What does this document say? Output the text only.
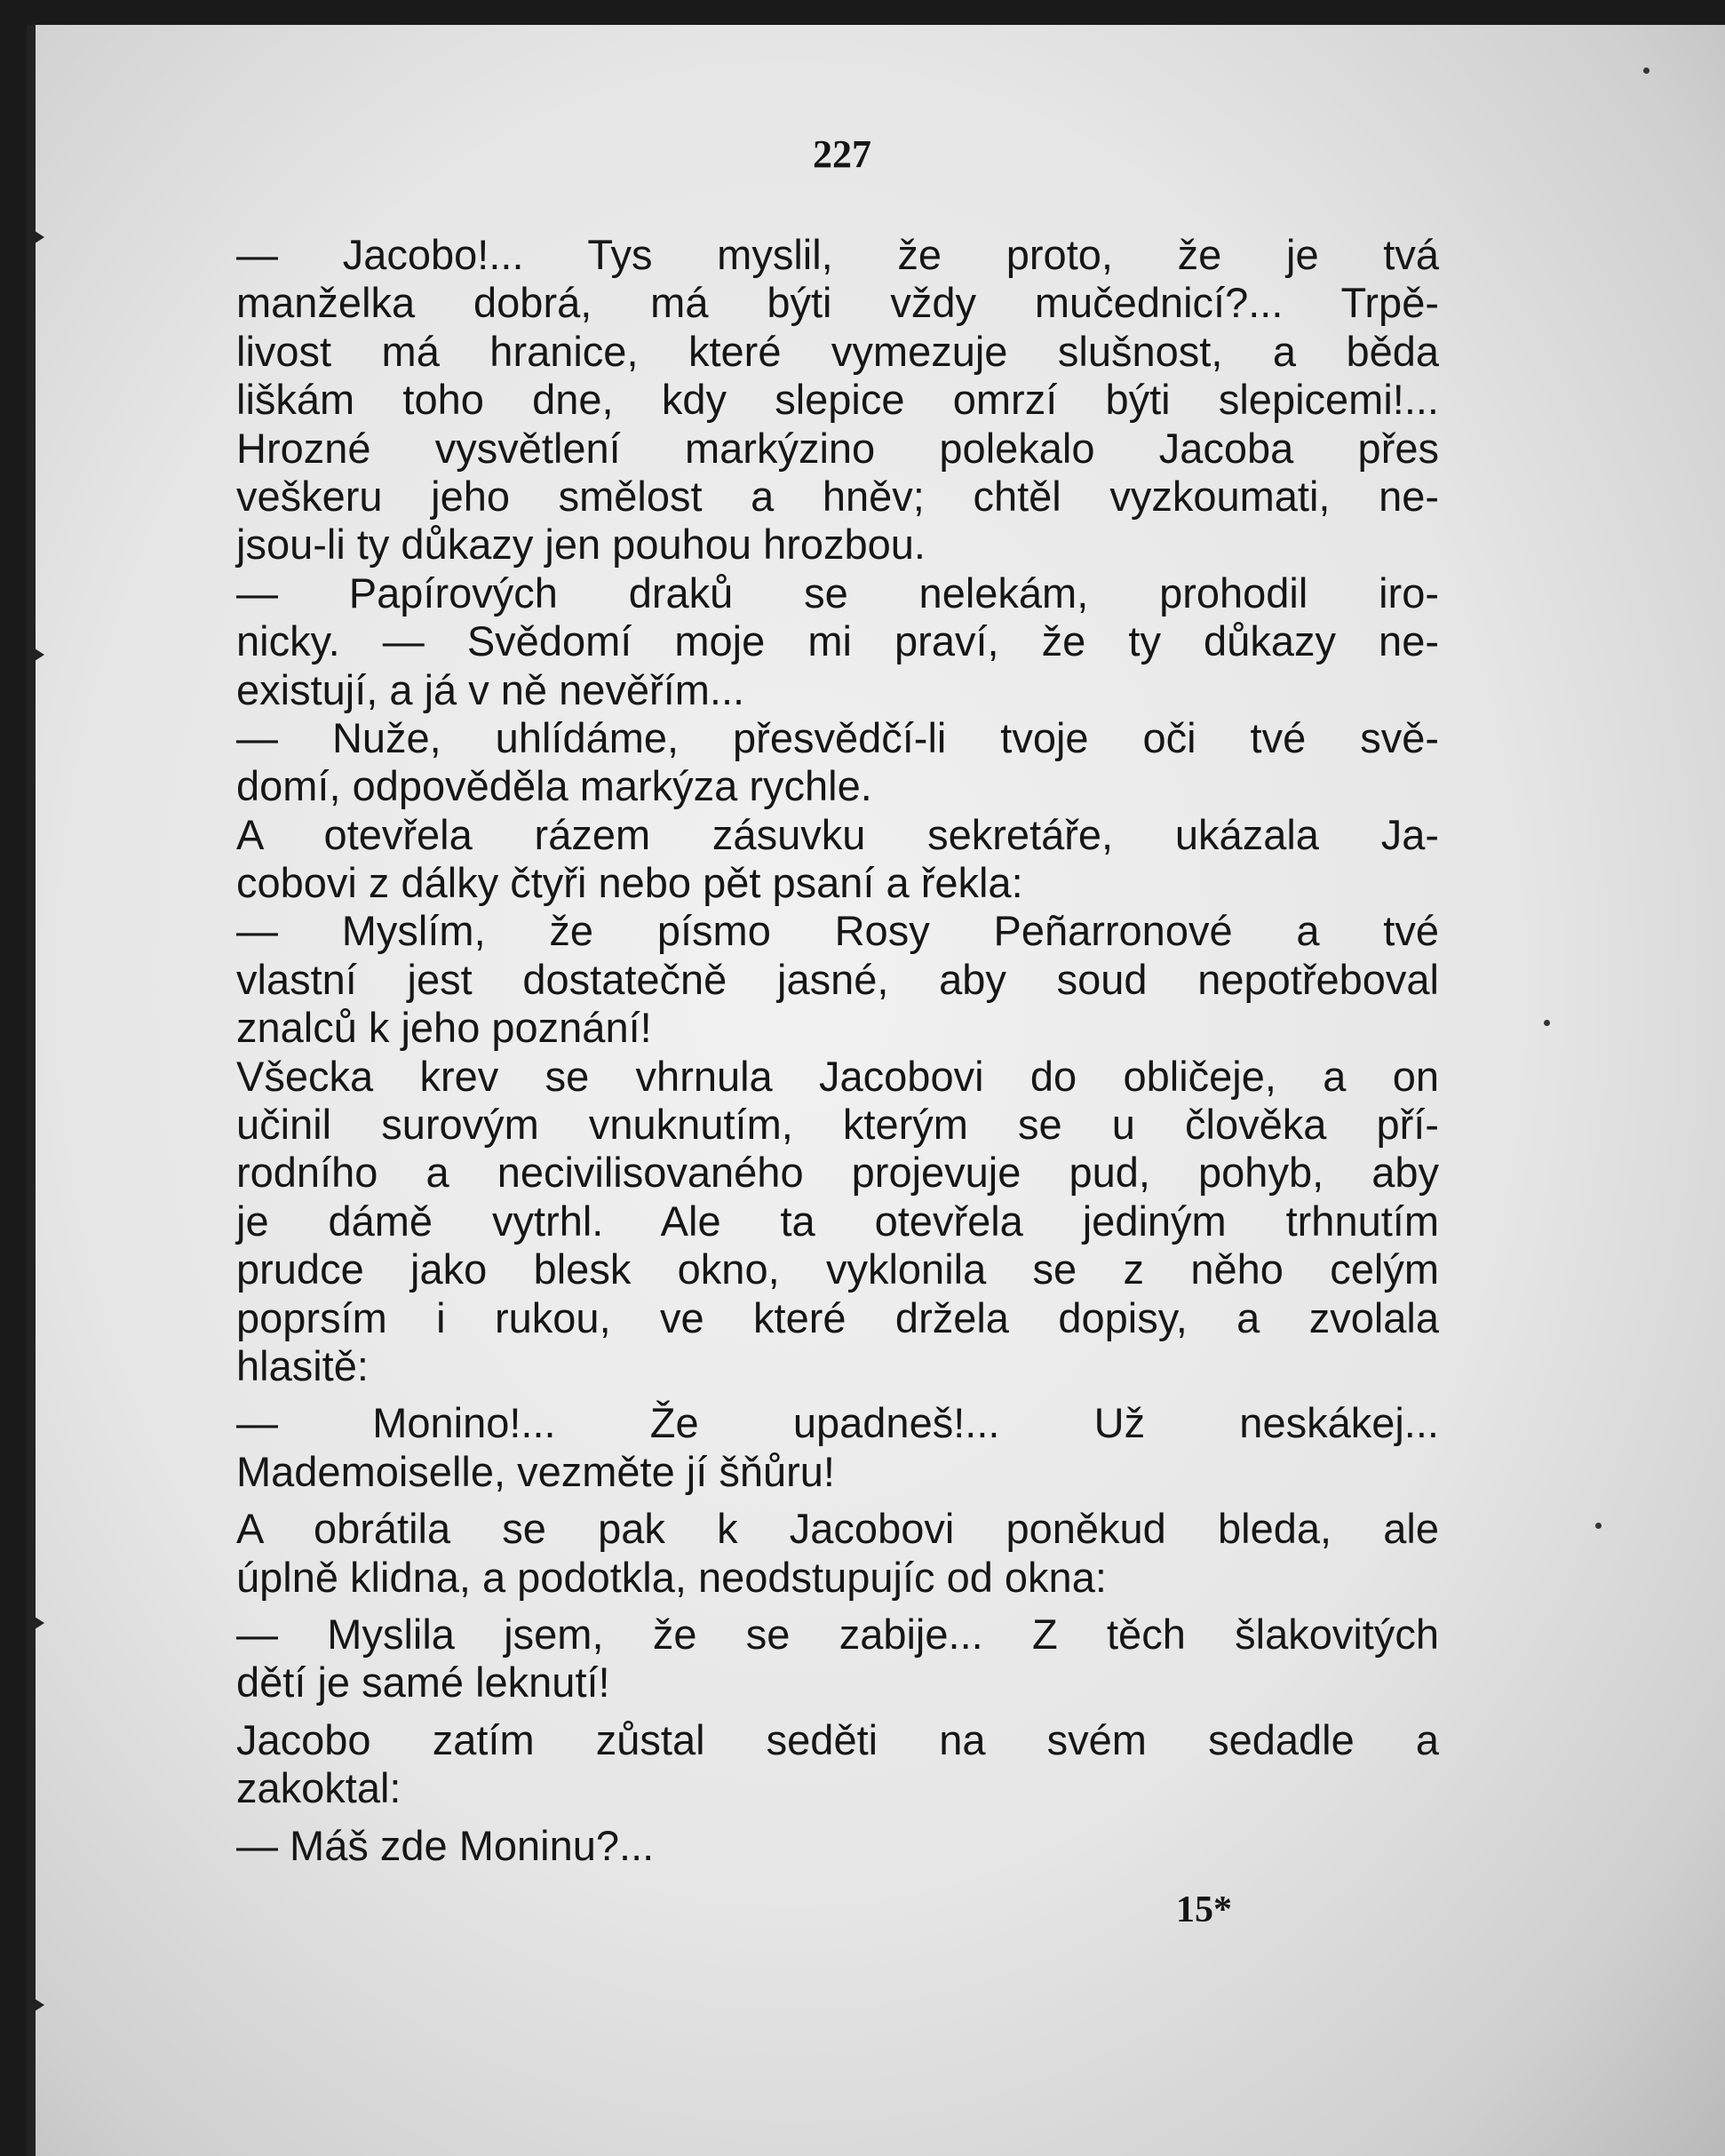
227
— Jacobo!... Tys myslil, že proto, že je tvá
manželka dobrá, má býti vždy mučednicí?... Trpě-
livost má hranice, které vymezuje slušnost, a běda
liškám toho dne, kdy slepice omrzí býti slepicemi!...
Hrozné vysvětlení markýzino polekalo Jacoba přes
veškeru jeho smělost a hněv; chtěl vyzkoumati, ne-
jsou-li ty důkazy jen pouhou hrozbou.
— Papírových draků se nelekám, prohodil iro-
nicky. — Svědomí moje mi praví, že ty důkazy ne-
existují, a já v ně nevěřím...
— Nuže, uhlídáme, přesvědčí-li tvoje oči tvé svě-
domí, odpověděla markýza rychle.
A otevřela rázem zásuvku sekretáře, ukázala Ja-
cobovi z dálky čtyři nebo pět psaní a řekla:
— Myslím, že písmo Rosy Peñarronové a tvé
vlastní jest dostatečně jasné, aby soud nepotřeboval
znalců k jeho poznání!
Všecka krev se vhrnula Jacobovi do obličeje, a on
učinil surovým vnuknutím, kterým se u člověka pří-
rodního a necivilisovaného projevuje pud, pohyb, aby
je dámě vytrhl. Ale ta otevřela jediným trhnutím
prudce jako blesk okno, vyklonila se z něho celým
poprsím i rukou, ve které držela dopisy, a zvolala
hlasitě:
— Monino!... Že upadneš!... Už neskákej...
Mademoiselle, vezměte jí šňůru!
A obrátila se pak k Jacobovi poněkud bleda, ale
úplně klidna, a podotkla, neodstupujíc od okna:
— Myslila jsem, že se zabije... Z těch šlakovitých
dětí je samé leknutí!
Jacobo zatím zůstal seděti na svém sedadle a
zakoktal:
— Máš zde Moninu?...
15*
